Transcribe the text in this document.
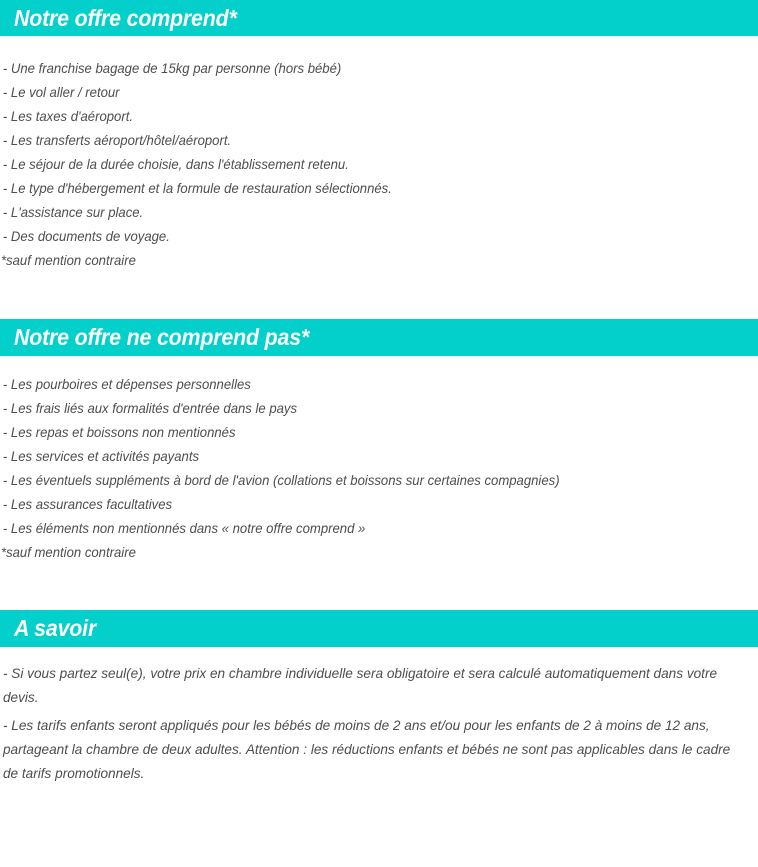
Notre offre comprend*
- Une franchise bagage de 15kg par personne (hors bébé)
- Le vol aller / retour
- Les taxes d'aéroport.
- Les transferts aéroport/hôtel/aéroport.
- Le séjour de la durée choisie, dans l'établissement retenu.
- Le type d'hébergement et la formule de restauration sélectionnés.
- L'assistance sur place.
- Des documents de voyage.
*sauf mention contraire
Notre offre ne comprend pas*
- Les pourboires et dépenses personnelles
- Les frais liés aux formalités d'entrée dans le pays
- Les repas et boissons non mentionnés
- Les services et activités payants
- Les éventuels suppléments à bord de l'avion (collations et boissons sur certaines compagnies)
- Les assurances facultatives
- Les éléments non mentionnés dans « notre offre comprend »
*sauf mention contraire
A savoir
- Si vous partez seul(e), votre prix en chambre individuelle sera obligatoire et sera calculé automatiquement dans votre devis.
- Les tarifs enfants seront appliqués pour les bébés de moins de 2 ans et/ou pour les enfants de 2 à moins de 12 ans, partageant la chambre de deux adultes. Attention : les réductions enfants et bébés ne sont pas applicables dans le cadre de tarifs promotionnels.
